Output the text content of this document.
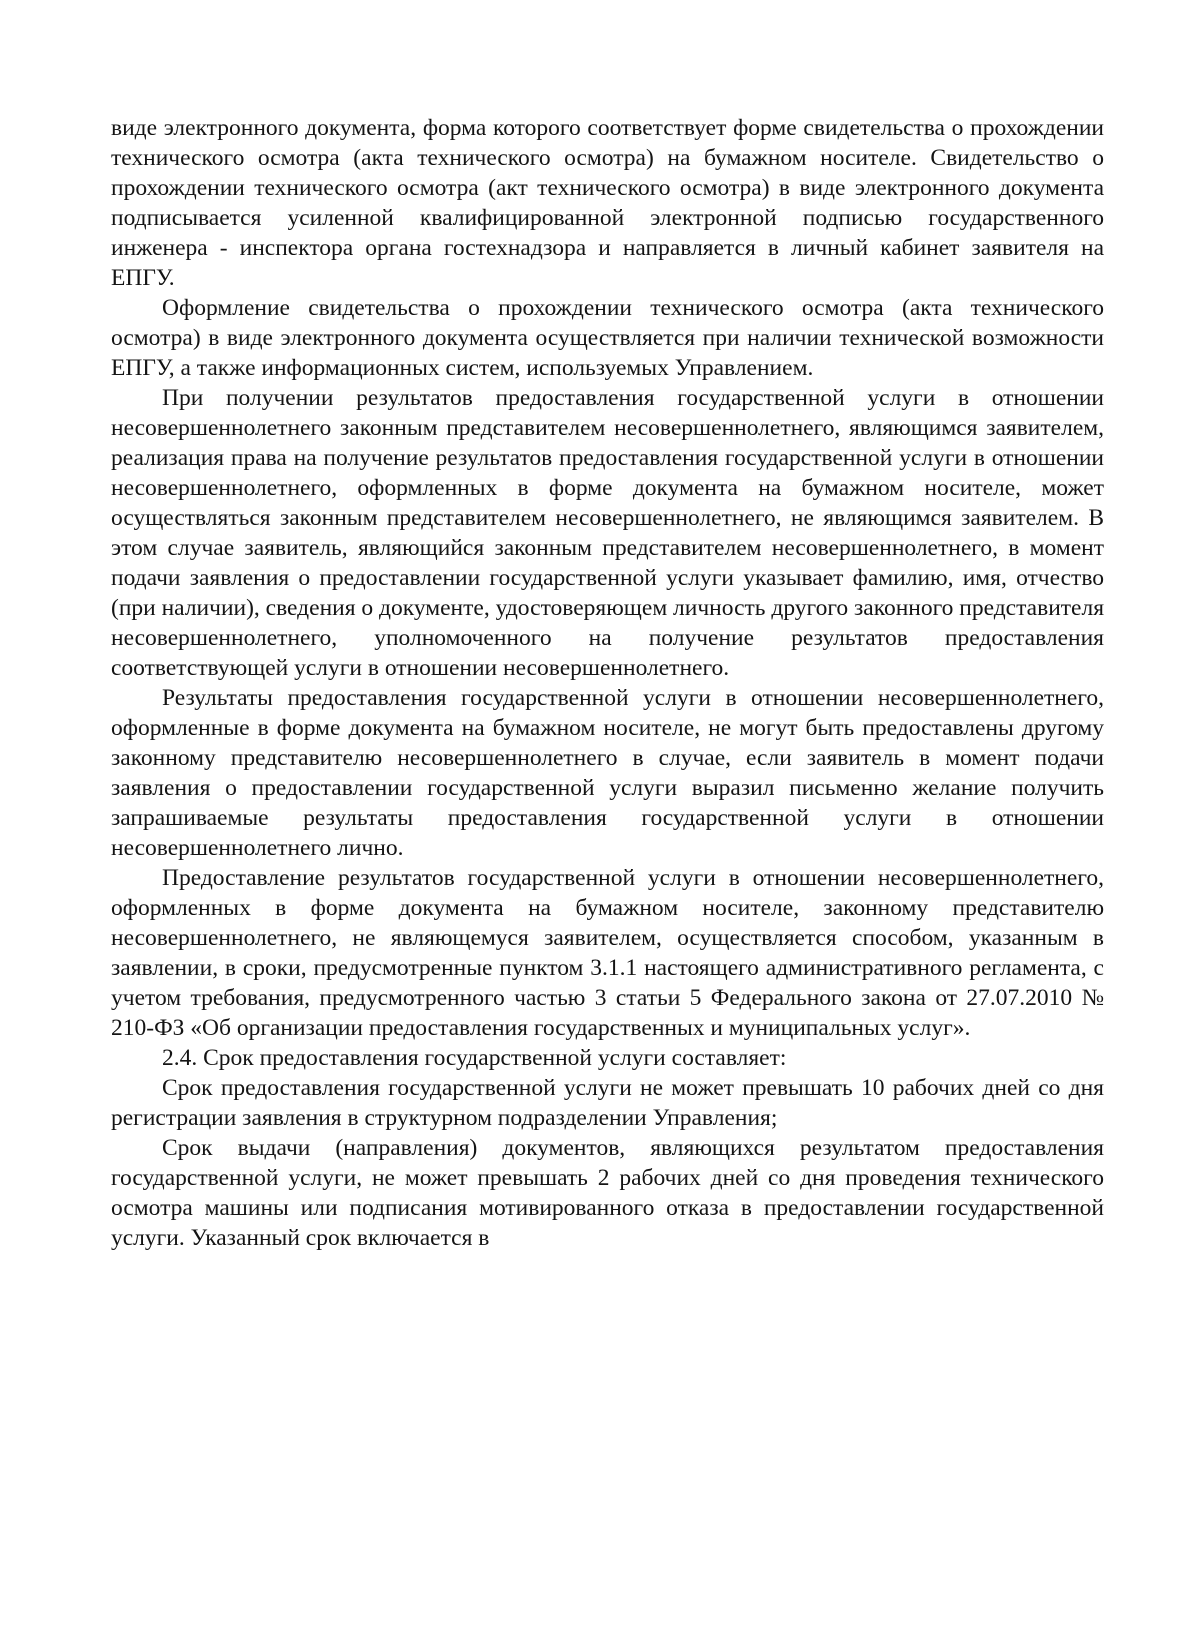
виде электронного документа, форма которого соответствует форме свидетельства о прохождении технического осмотра (акта технического осмотра) на бумажном носителе. Свидетельство о прохождении технического осмотра (акт технического осмотра) в виде электронного документа подписывается усиленной квалифицированной электронной подписью государственного инженера - инспектора органа гостехнадзора и направляется в личный кабинет заявителя на ЕПГУ.

Оформление свидетельства о прохождении технического осмотра (акта технического осмотра) в виде электронного документа осуществляется при наличии технической возможности ЕПГУ, а также информационных систем, используемых Управлением.

При получении результатов предоставления государственной услуги в отношении несовершеннолетнего законным представителем несовершеннолетнего, являющимся заявителем, реализация права на получение результатов предоставления государственной услуги в отношении несовершеннолетнего, оформленных в форме документа на бумажном носителе, может осуществляться законным представителем несовершеннолетнего, не являющимся заявителем. В этом случае заявитель, являющийся законным представителем несовершеннолетнего, в момент подачи заявления о предоставлении государственной услуги указывает фамилию, имя, отчество (при наличии), сведения о документе, удостоверяющем личность другого законного представителя несовершеннолетнего, уполномоченного на получение результатов предоставления соответствующей услуги в отношении несовершеннолетнего.

Результаты предоставления государственной услуги в отношении несовершеннолетнего, оформленные в форме документа на бумажном носителе, не могут быть предоставлены другому законному представителю несовершеннолетнего в случае, если заявитель в момент подачи заявления о предоставлении государственной услуги выразил письменно желание получить запрашиваемые результаты предоставления государственной услуги в отношении несовершеннолетнего лично.

Предоставление результатов государственной услуги в отношении несовершеннолетнего, оформленных в форме документа на бумажном носителе, законному представителю несовершеннолетнего, не являющемуся заявителем, осуществляется способом, указанным в заявлении, в сроки, предусмотренные пунктом 3.1.1 настоящего административного регламента, с учетом требования, предусмотренного частью 3 статьи 5 Федерального закона от 27.07.2010 № 210-ФЗ «Об организации предоставления государственных и муниципальных услуг».

2.4. Срок предоставления государственной услуги составляет:

Срок предоставления государственной услуги не может превышать 10 рабочих дней со дня регистрации заявления в структурном подразделении Управления;

Срок выдачи (направления) документов, являющихся результатом предоставления государственной услуги, не может превышать 2 рабочих дней со дня проведения технического осмотра машины или подписания мотивированного отказа в предоставлении государственной услуги. Указанный срок включается в
